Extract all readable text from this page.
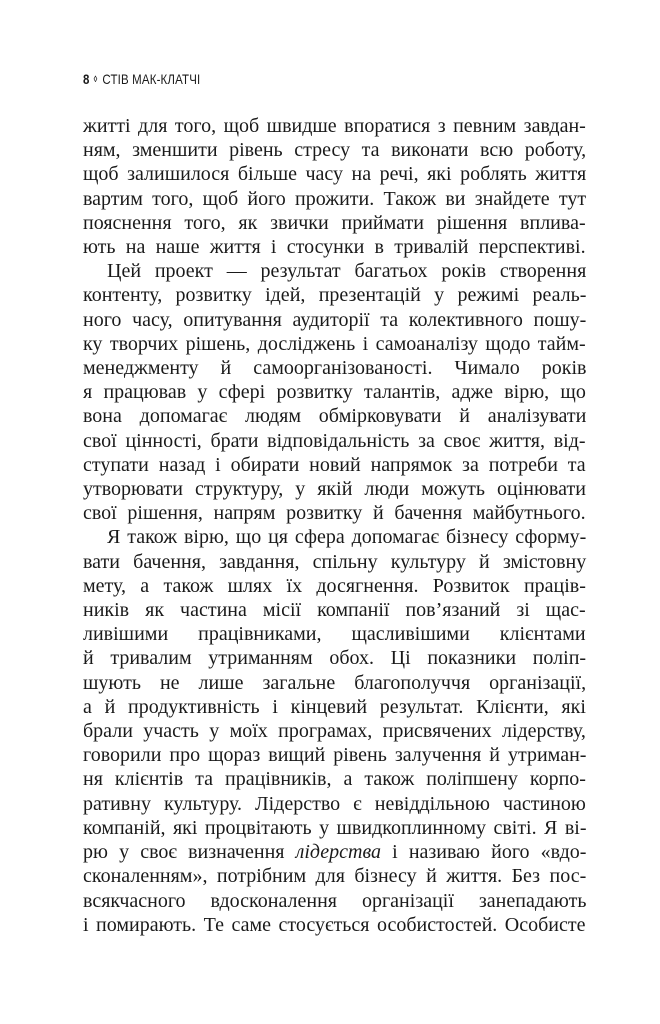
8 ◊ СТІВ МАК-КЛАТЧІ

житті для того, щоб швидше впоратися з певним завдан-
ням, зменшити рівень стресу та виконати всю роботу,
щоб залишилося більше часу на речі, які роблять життя
вартим того, щоб його прожити. Також ви знайдете тут
пояснення того, як звички приймати рішення вплива-
ють на наше життя і стосунки в тривалій перспективі.

Цей проект — результат багатьох років створення
контенту, розвитку ідей, презентацій у режимі реаль-
ного часу, опитування аудиторії та колективного пошу-
ку творчих рішень, досліджень і самоаналізу щодо тайм-
менеджменту й самоорганізованості. Чимало років
я працював у сфері розвитку талантів, адже вірю, що
вона допомагає людям обмірковувати й аналізувати
свої цінності, брати відповідальність за своє життя, від-
ступати назад і обирати новий напрямок за потреби та
утворювати структуру, у якій люди можуть оцінювати
свої рішення, напрям розвитку й бачення майбутнього.

Я також вірю, що ця сфера допомагає бізнесу сформу-
вати бачення, завдання, спільну культуру й змістовну
мету, а також шлях їх досягнення. Розвиток праців-
ників як частина місії компанії пов’язаний зі щас-
ливішими працівниками, щасливішими клієнтами
й тривалим утриманням обох. Ці показники поліп-
шують не лише загальне благополуччя організації,
а й продуктивність і кінцевий результат. Клієнти, які
брали участь у моїх програмах, присвячених лідерству,
говорили про щораз вищий рівень залучення й утриман-
ня клієнтів та працівників, а також поліпшену корпо-
ративну культуру. Лідерство є невіддільною частиною
компаній, які процвітають у швидкоплинному світі. Я ві-
рю у своє визначення лідерства і називаю його «вдо-
сконаленням», потрібним для бізнесу й життя. Без пос-
всякчасного вдосконалення організації занепадають
і помирають. Те саме стосується особистостей. Особисте
